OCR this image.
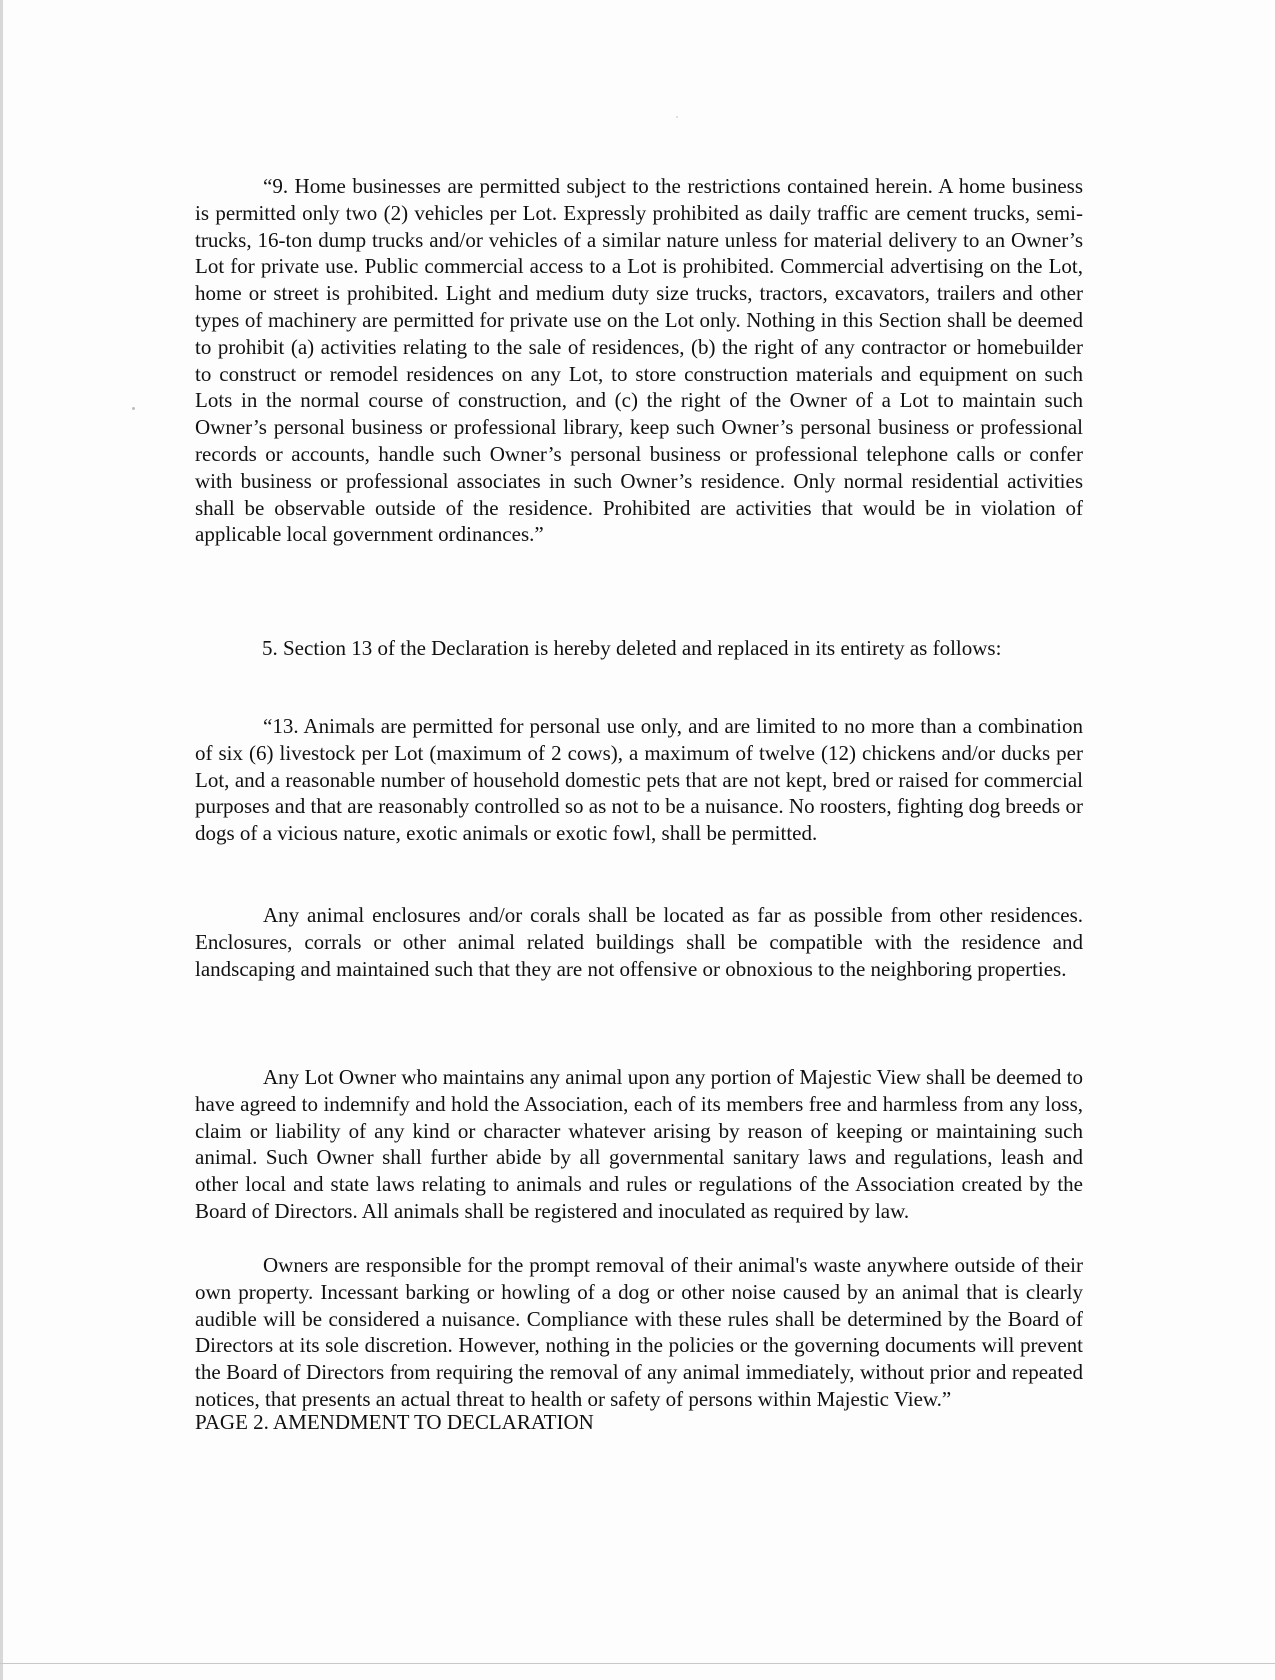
“9. Home businesses are permitted subject to the restrictions contained herein. A home business is permitted only two (2) vehicles per Lot. Expressly prohibited as daily traffic are cement trucks, semi-trucks, 16-ton dump trucks and/or vehicles of a similar nature unless for material delivery to an Owner’s Lot for private use. Public commercial access to a Lot is prohibited. Commercial advertising on the Lot, home or street is prohibited. Light and medium duty size trucks, tractors, excavators, trailers and other types of machinery are permitted for private use on the Lot only. Nothing in this Section shall be deemed to prohibit (a) activities relating to the sale of residences, (b) the right of any contractor or homebuilder to construct or remodel residences on any Lot, to store construction materials and equipment on such Lots in the normal course of construction, and (c) the right of the Owner of a Lot to maintain such Owner’s personal business or professional library, keep such Owner’s personal business or professional records or accounts, handle such Owner’s personal business or professional telephone calls or confer with business or professional associates in such Owner’s residence. Only normal residential activities shall be observable outside of the residence. Prohibited are activities that would be in violation of applicable local government ordinances.”

5. Section 13 of the Declaration is hereby deleted and replaced in its entirety as follows:

“13. Animals are permitted for personal use only, and are limited to no more than a combination of six (6) livestock per Lot (maximum of 2 cows), a maximum of twelve (12) chickens and/or ducks per Lot, and a reasonable number of household domestic pets that are not kept, bred or raised for commercial purposes and that are reasonably controlled so as not to be a nuisance. No roosters, fighting dog breeds or dogs of a vicious nature, exotic animals or exotic fowl, shall be permitted.

Any animal enclosures and/or corals shall be located as far as possible from other residences. Enclosures, corrals or other animal related buildings shall be compatible with the residence and landscaping and maintained such that they are not offensive or obnoxious to the neighboring properties.

Any Lot Owner who maintains any animal upon any portion of Majestic View shall be deemed to have agreed to indemnify and hold the Association, each of its members free and harmless from any loss, claim or liability of any kind or character whatever arising by reason of keeping or maintaining such animal. Such Owner shall further abide by all governmental sanitary laws and regulations, leash and other local and state laws relating to animals and rules or regulations of the Association created by the Board of Directors. All animals shall be registered and inoculated as required by law.

Owners are responsible for the prompt removal of their animal's waste anywhere outside of their own property. Incessant barking or howling of a dog or other noise caused by an animal that is clearly audible will be considered a nuisance. Compliance with these rules shall be determined by the Board of Directors at its sole discretion. However, nothing in the policies or the governing documents will prevent the Board of Directors from requiring the removal of any animal immediately, without prior and repeated notices, that presents an actual threat to health or safety of persons within Majestic View.”

PAGE 2. AMENDMENT TO DECLARATION
